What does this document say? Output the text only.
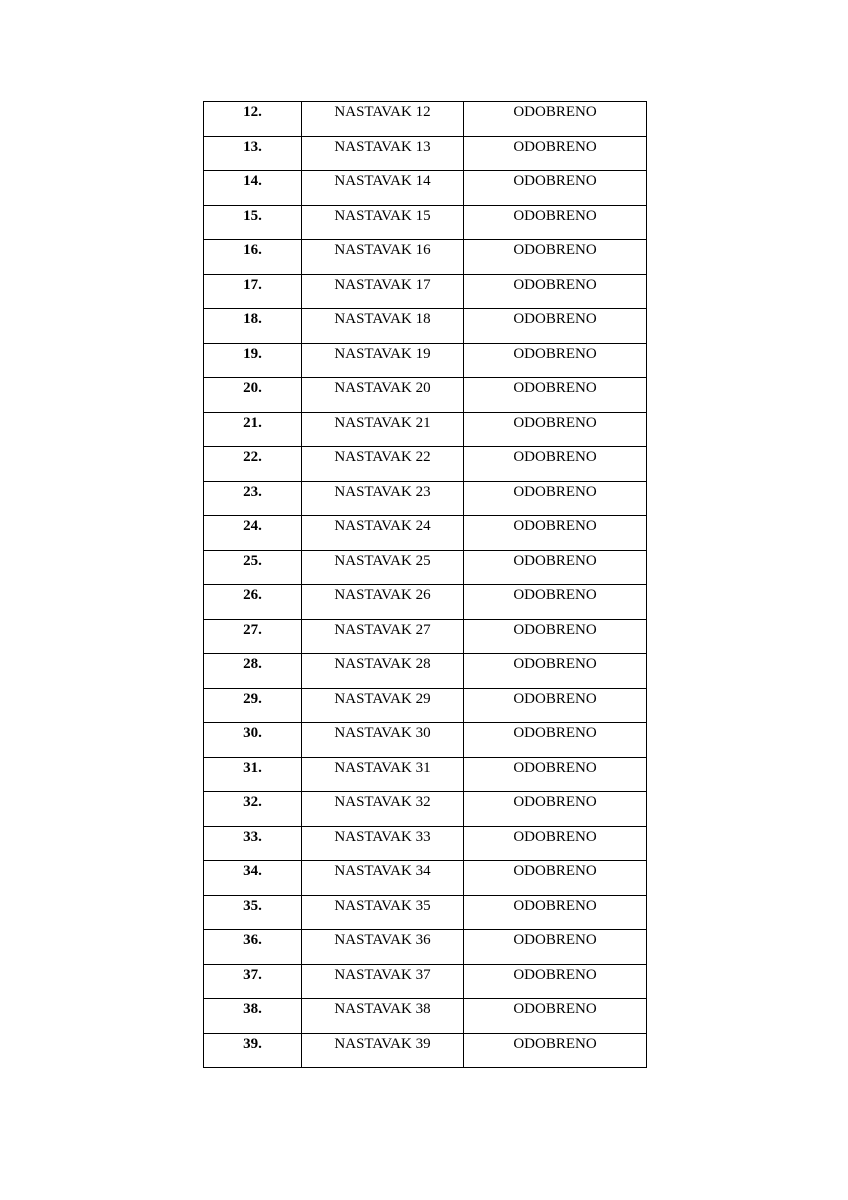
12.	NASTAVAK 12	ODOBRENO
13.	NASTAVAK 13	ODOBRENO
14.	NASTAVAK 14	ODOBRENO
15.	NASTAVAK 15	ODOBRENO
16.	NASTAVAK 16	ODOBRENO
17.	NASTAVAK 17	ODOBRENO
18.	NASTAVAK 18	ODOBRENO
19.	NASTAVAK 19	ODOBRENO
20.	NASTAVAK 20	ODOBRENO
21.	NASTAVAK 21	ODOBRENO
22.	NASTAVAK 22	ODOBRENO
23.	NASTAVAK 23	ODOBRENO
24.	NASTAVAK 24	ODOBRENO
25.	NASTAVAK 25	ODOBRENO
26.	NASTAVAK 26	ODOBRENO
27.	NASTAVAK 27	ODOBRENO
28.	NASTAVAK 28	ODOBRENO
29.	NASTAVAK 29	ODOBRENO
30.	NASTAVAK 30	ODOBRENO
31.	NASTAVAK 31	ODOBRENO
32.	NASTAVAK 32	ODOBRENO
33.	NASTAVAK 33	ODOBRENO
34.	NASTAVAK 34	ODOBRENO
35.	NASTAVAK 35	ODOBRENO
36.	NASTAVAK 36	ODOBRENO
37.	NASTAVAK 37	ODOBRENO
38.	NASTAVAK 38	ODOBRENO
39.	NASTAVAK 39	ODOBRENO
